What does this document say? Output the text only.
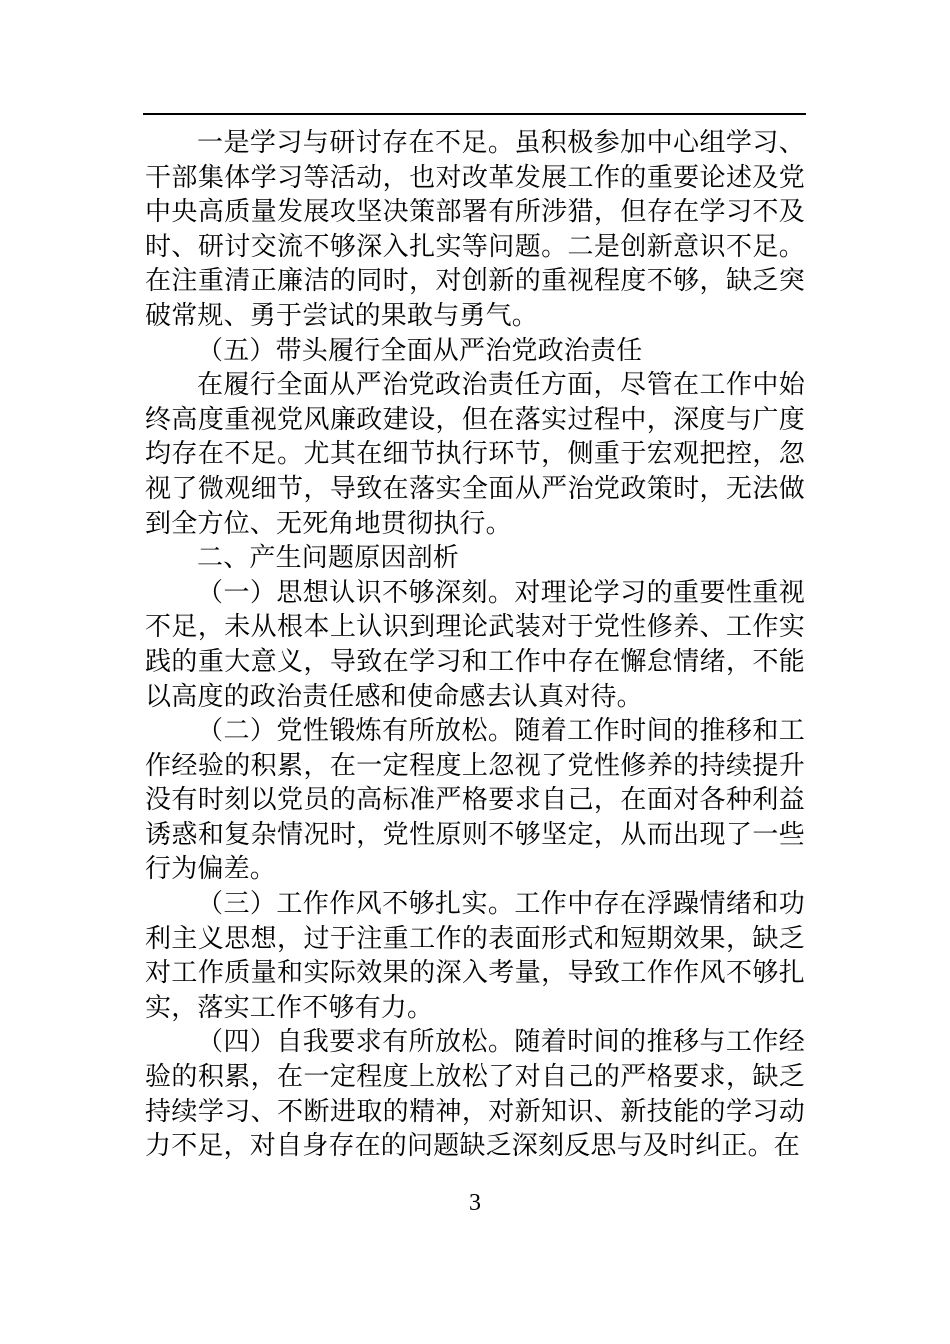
一是学习与研讨存在不足。虽积极参加中心组学习、干部集体学习等活动，也对改革发展工作的重要论述及党中央高质量发展攻坚决策部署有所涉猎，但存在学习不及时、研讨交流不够深入扎实等问题。二是创新意识不足。在注重清正廉洁的同时，对创新的重视程度不够，缺乏突破常规、勇于尝试的果敢与勇气。

（五）带头履行全面从严治党政治责任

在履行全面从严治党政治责任方面，尽管在工作中始终高度重视党风廉政建设，但在落实过程中，深度与广度均存在不足。尤其在细节执行环节，侧重于宏观把控，忽视了微观细节，导致在落实全面从严治党政策时，无法做到全方位、无死角地贯彻执行。

二、产生问题原因剖析

（一）思想认识不够深刻。对理论学习的重要性重视不足，未从根本上认识到理论武装对于党性修养、工作实践的重大意义，导致在学习和工作中存在懈怠情绪，不能以高度的政治责任感和使命感去认真对待。

（二）党性锻炼有所放松。随着工作时间的推移和工作经验的积累，在一定程度上忽视了党性修养的持续提升没有时刻以党员的高标准严格要求自己，在面对各种利益诱惑和复杂情况时，党性原则不够坚定，从而出现了一些行为偏差。

（三）工作作风不够扎实。工作中存在浮躁情绪和功利主义思想，过于注重工作的表面形式和短期效果，缺乏对工作质量和实际效果的深入考量，导致工作作风不够扎实，落实工作不够有力。

（四）自我要求有所放松。随着时间的推移与工作经验的积累，在一定程度上放松了对自己的严格要求，缺乏持续学习、不断进取的精神，对新知识、新技能的学习动力不足，对自身存在的问题缺乏深刻反思与及时纠正。在

3
